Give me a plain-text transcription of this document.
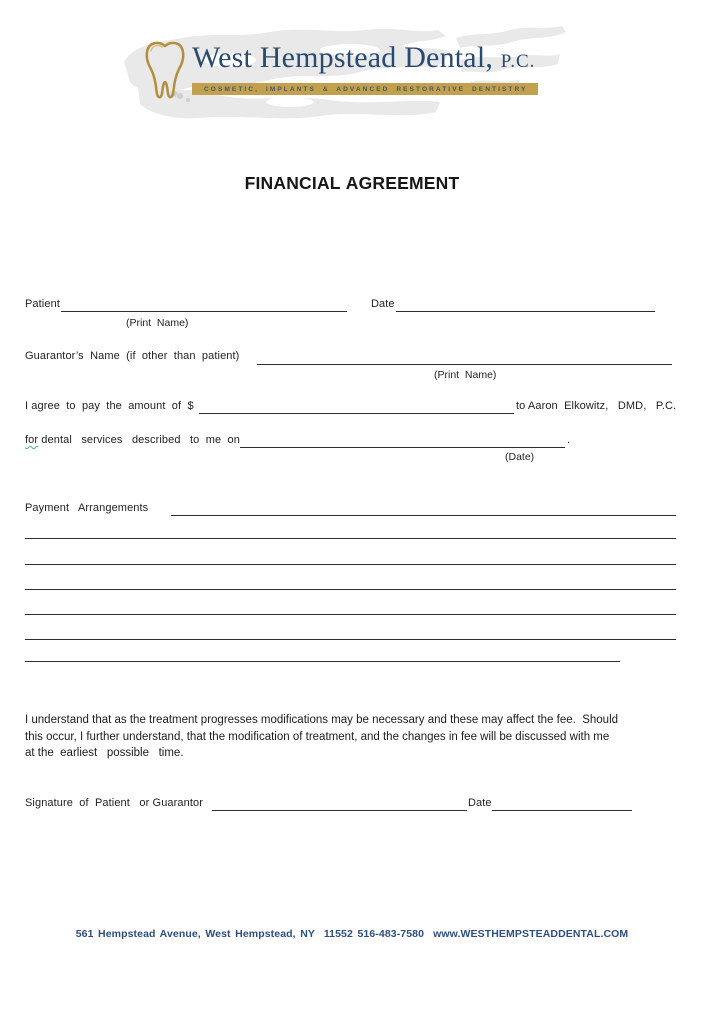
West Hempstead Dental, P.C.
COSMETIC, IMPLANTS & ADVANCED RESTORATIVE DENTISTRY
FINANCIAL AGREEMENT
Patient	Date
(Print  Name)
Guarantor’s  Name  (if  other  than  patient)
(Print  Name)
I agree  to  pay  the  amount  of  $	to Aaron  Elkowitz,   DMD,   P.C.
for dental   services   described   to  me  on	.
(Date)
Payment   Arrangements
I understand that as the treatment progresses modifications may be necessary and these may affect the fee.  Should
this occur, I further understand, that the modification of treatment, and the changes in fee will be discussed with me
at the  earliest   possible   time.
Signature  of  Patient   or Guarantor	Date
561 Hempstead Avenue, West Hempstead, NY  11552 516-483-7580  www.WESTHEMPSTEADDENTAL.COM
